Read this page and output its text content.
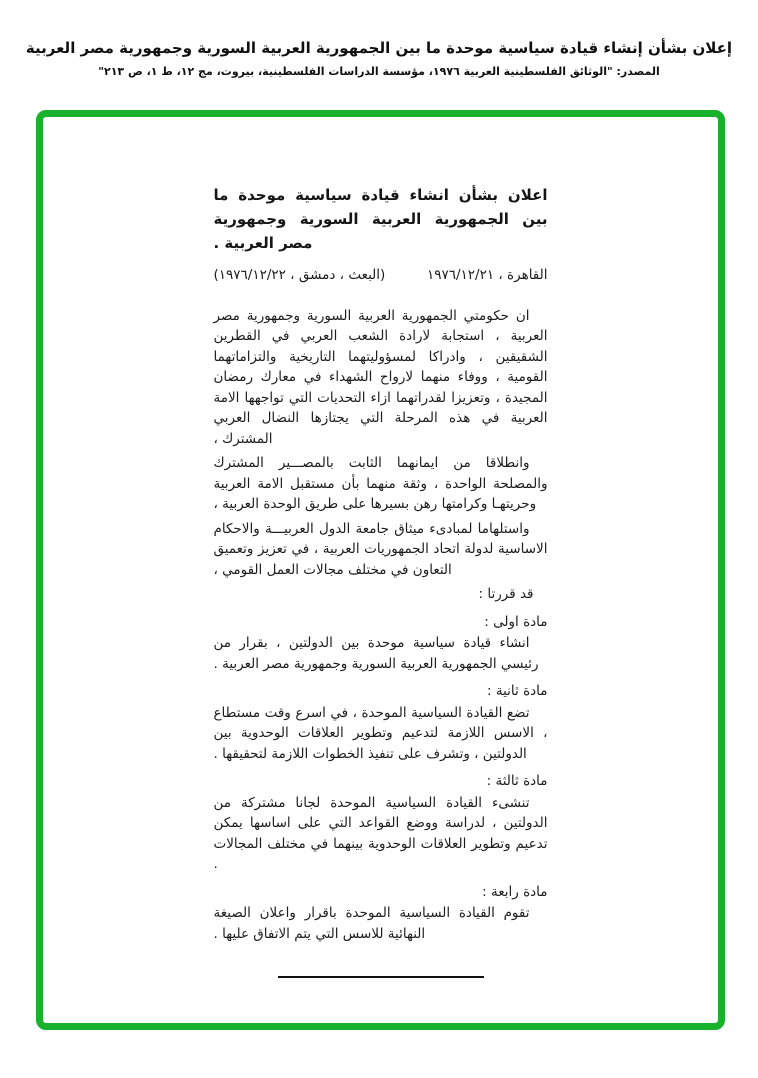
إعلان بشأن إنشاء قيادة سياسية موحدة ما بين الجمهورية العربية السورية وجمهورية مصر العربية
المصدر: "الوثائق الفلسطينية العربية ١٩٧٦، مؤسسة الدراسات الفلسطينية، بيروت، مج ١٢، ط ١، ص ٢١٣"

اعلان بشأن انشاء قيادة سياسية موحدة ما بين الجمهورية العربية السورية وجمهورية مصر العربية .

القاهرة ، ١٩٧٦/١٢/٢١
(البعث ، دمشق ، ١٩٧٦/١٢/٢٢)

ان حكومتي الجمهورية العربية السورية وجمهورية مصر العربية ، استجابة لارادة الشعب العربي في القطرين الشقيقين ، وادراكا لمسؤوليتهما التاريخية والتزاماتهما القومية ، ووفاء منهما لارواح الشهداء في معارك رمضان المجيدة ، وتعزيزا لقدراتهما ازاء التحديات التي تواجهها الامة العربية في هذه المرحلة التي يجتازها النضال العربي المشترك ،

وانطلاقا من ايمانهما الثابت بالمصـــير المشترك والمصلحة الواحدة ، وثقة منهما بأن مستقبل الامة العربية وحريتهـا وكرامتها رهن بسيرها على طريق الوحدة العربية ،

واستلهاما لمبادىء ميثاق جامعة الدول العربيـــة والاحكام الاساسية لدولة اتحاد الجمهوريات العربية ، في تعزيز وتعميق التعاون في مختلف مجالات العمل القومي ،

قد قررتا :

مادة اولى :

انشاء قيادة سياسية موحدة بين الدولتين ، بقرار من رئيسي الجمهورية العربية السورية وجمهورية مصر العربية .

مادة ثانية :

تضع القيادة السياسية الموحدة ، في اسرع وقت مستطاع ، الاسس اللازمة لتدعيم وتطوير العلاقات الوحدوية بين الدولتين ، وتشرف على تنفيذ الخطوات اللازمة لتحقيقها .

مادة ثالثة :

تنشىء القيادة السياسية الموحدة لجانا مشتركة من الدولتين ، لدراسة ووضع القواعد التي على اساسها يمكن تدعيم وتطوير العلاقات الوحدوية بينهما في مختلف المجالات .

مادة رابعة :

تقوم القيادة السياسية الموحدة باقرار واعلان الصيغة النهائية للاسس التي يتم الاتفاق عليها .
